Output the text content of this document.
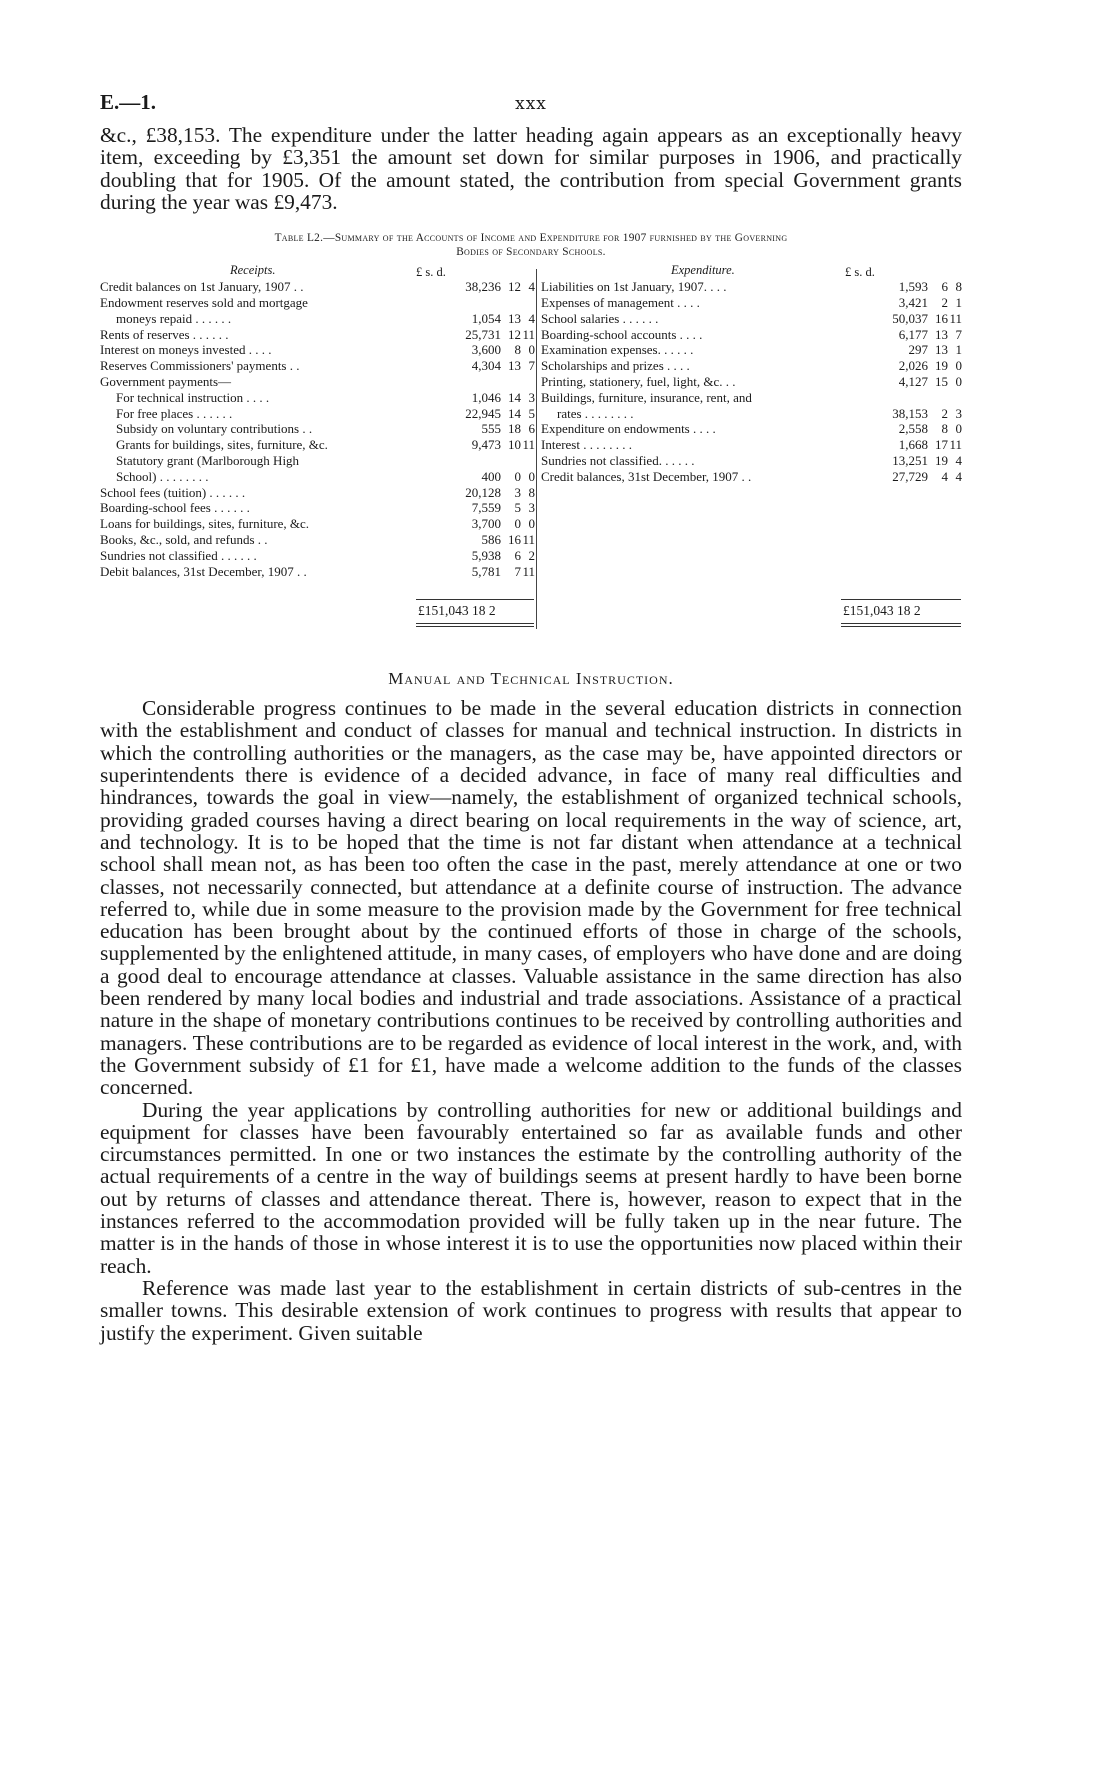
E.—1.	xxx

&c., £38,153. The expenditure under the latter heading again appears as an exceptionally heavy item, exceeding by £3,351 the amount set down for similar purposes in 1906, and practically doubling that for 1905. Of the amount stated, the contribution from special Government grants during the year was £9,473.

Table L2.—Summary of the Accounts of Income and Expenditure for 1907 furnished by the Governing
Bodies of Secondary Schools.
Receipts.	£ s. d.
Credit balances on 1st January, 1907 . .	38,236 12 4
Endowment reserves sold and mortgage
moneys repaid . . . . . .	1,054 13 4
Rents of reserves . . . . . .	25,731 12 11
Interest on moneys invested . . . .	3,600	8 0
Reserves Commissioners' payments . .	4,304 13 7
Government payments—
For technical instruction . . . .	1,046 14 3
For free places . . . . . .	22,945 14 5
Subsidy on voluntary contributions . .	555 18 6
Grants for buildings, sites, furniture, &c.	9,473 10 11
Statutory grant (Marlborough High
School) . . . . . . . .	400	0 0
School fees (tuition) . . . . . .	20,128	3 8
Boarding-school fees . . . . . .	7,559	5 3
Loans for buildings, sites, furniture, &c.	3,700	0 0
Books, &c., sold, and refunds . .	586 16 11
Sundries not classified . . . . . .	5,938	6 2
Debit balances, 31st December, 1907 . .	5,781	7 11
£151,043 18 2
Expenditure.	£ s. d.
Liabilities on 1st January, 1907. . . .	1,593	6 8
Expenses of management . . . .	3,421	2 1
School salaries . . . . . .	50,037 16 11
Boarding-school accounts . . . .	6,177 13 7
Examination expenses. . . . . .	297 13 1
Scholarships and prizes . . . .	2,026 19 0
Printing, stationery, fuel, light, &c. . .	4,127 15 0
Buildings, furniture, insurance, rent, and
rates . . . . . . . .	38,153	2 3
Expenditure on endowments . . . .	2,558	8 0
Interest . . . . . . . .	1,668 17 11
Sundries not classified. . . . . .	13,251 19 4
Credit balances, 31st December, 1907 . .	27,729	4 4
£151,043 18 2
Manual and Technical Instruction.

Considerable progress continues to be made in the several education districts in connection with the establishment and conduct of classes for manual and technical instruction. In districts in which the controlling authorities or the managers, as the case may be, have appointed directors or superintendents there is evidence of a decided advance, in face of many real difficulties and hindrances, towards the goal in view—namely, the establishment of organized technical schools, providing graded courses having a direct bearing on local requirements in the way of science, art, and technology. It is to be hoped that the time is not far distant when attendance at a technical school shall mean not, as has been too often the case in the past, merely attendance at one or two classes, not necessarily connected, but attendance at a definite course of instruction. The advance referred to, while due in some measure to the provision made by the Government for free technical education has been brought about by the continued efforts of those in charge of the schools, supplemented by the enlightened attitude, in many cases, of employers who have done and are doing a good deal to encourage attendance at classes. Valuable assistance in the same direction has also been rendered by many local bodies and industrial and trade associations. Assistance of a practical nature in the shape of monetary contributions continues to be received by controlling authorities and managers. These contributions are to be regarded as evidence of local interest in the work, and, with the Government subsidy of £1 for £1, have made a welcome addition to the funds of the classes concerned.

During the year applications by controlling authorities for new or additional buildings and equipment for classes have been favourably entertained so far as available funds and other circumstances permitted. In one or two instances the estimate by the controlling authority of the actual requirements of a centre in the way of buildings seems at present hardly to have been borne out by returns of classes and attendance thereat. There is, however, reason to expect that in the instances referred to the accommodation provided will be fully taken up in the near future. The matter is in the hands of those in whose interest it is to use the opportunities now placed within their reach.

Reference was made last year to the establishment in certain districts of sub-centres in the smaller towns. This desirable extension of work continues to progress with results that appear to justify the experiment. Given suitable
